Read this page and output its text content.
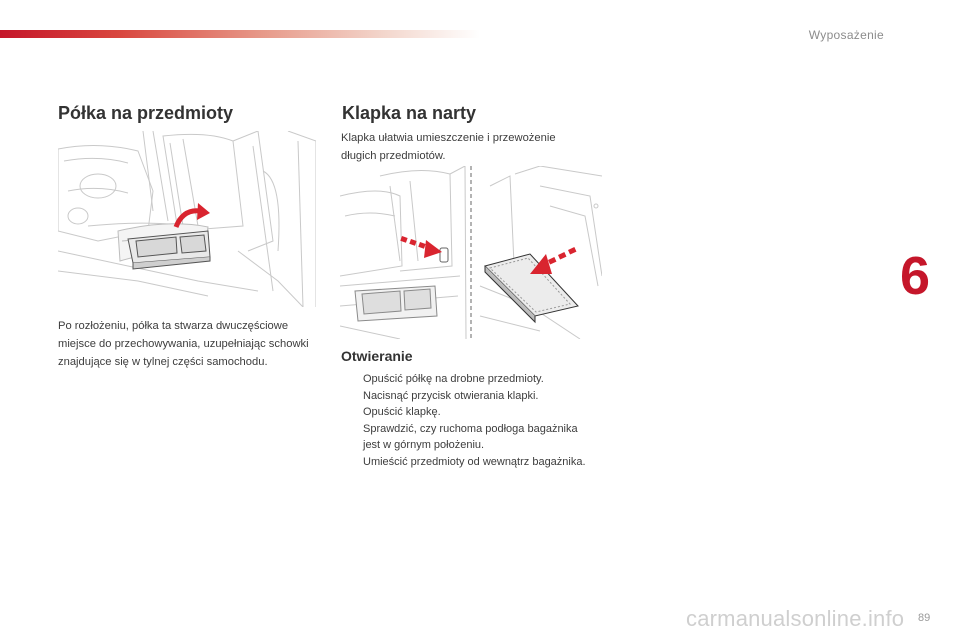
Wyposażenie
Półka na przedmioty
Po rozłożeniu, półka ta stwarza dwuczęściowe miejsce do przechowywania, uzupełniając schowki znajdujące się w tylnej części samochodu.
Klapka na narty
Klapka ułatwia umieszczenie i przewożenie długich przedmiotów.
Otwieranie
Opuścić półkę na drobne przedmioty.
Nacisnąć przycisk otwierania klapki.
Opuścić klapkę.
Sprawdzić, czy ruchoma podłoga bagażnika jest w górnym położeniu.
Umieścić przedmioty od wewnątrz bagażnika.
6
carmanualsonline.info 89
